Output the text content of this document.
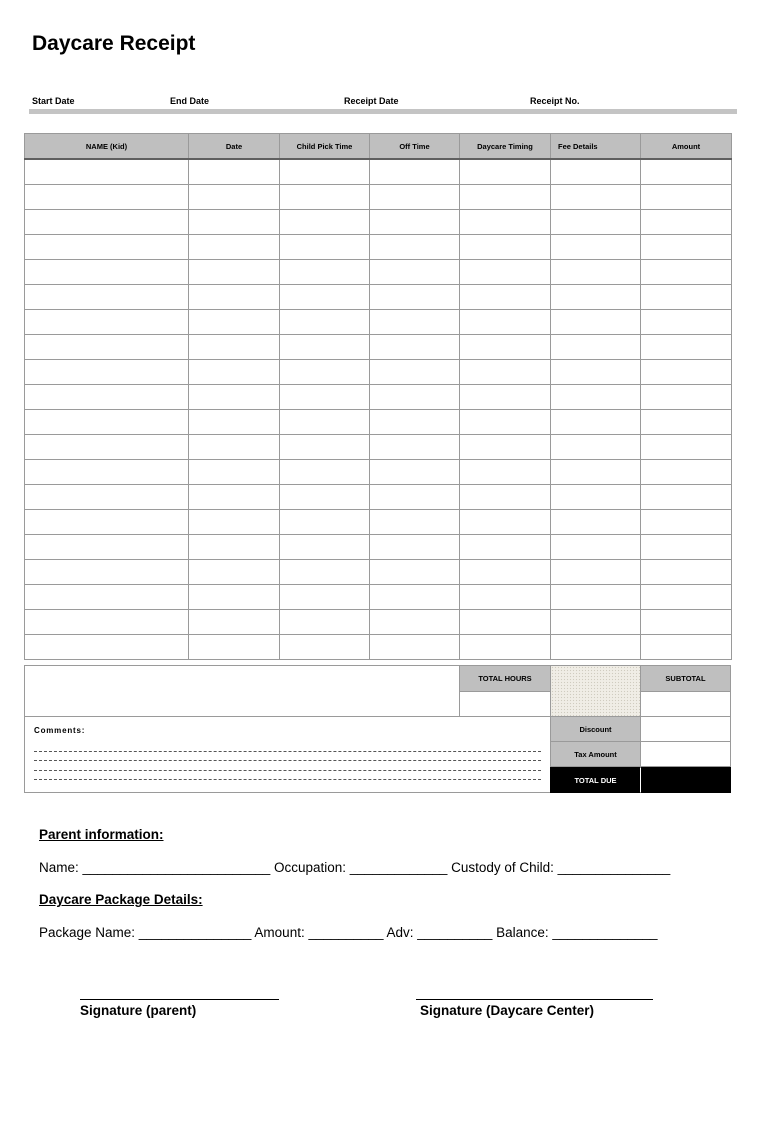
Daycare Receipt
Start Date	End Date	Receipt Date	Receipt No.
NAME (Kid)	Date	Child Pick Time	Off Time	Daycare Timing	Fee Details	Amount

TOTAL HOURS	SUBTOTAL
Comments:	Discount
Tax Amount
TOTAL DUE
Parent information:
Name: _________________________ Occupation: _____________ Custody of Child: _______________
Daycare Package Details:
Package Name: _______________ Amount: __________ Adv: __________ Balance: ______________
Signature (parent)	Signature (Daycare Center)
